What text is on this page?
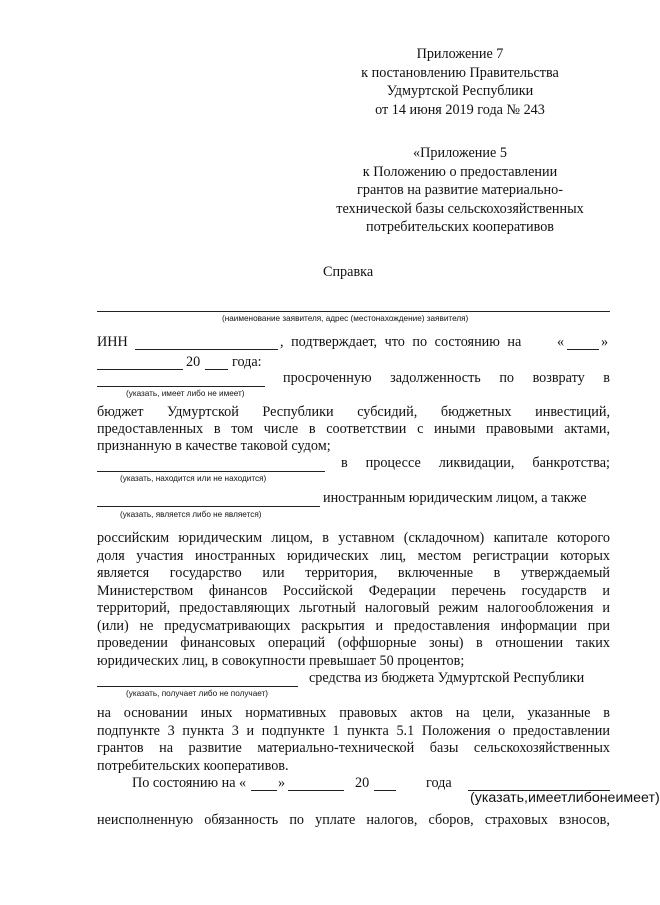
Приложение 7
к постановлению Правительства
Удмуртской Республики
от 14 июня 2019 года № 243
«Приложение 5
к Положению о предоставлении
грантов на развитие материально-
технической базы сельскохозяйственных
потребительских кооперативов
Справка
(наименование заявителя, адрес (местонахождение) заявителя)
ИНН	, подтверждает, что по состоянию на	«	»
20 года:
просроченную задолженность по возврату в
(указать, имеет либо не имеет)
бюджет Удмуртской Республики субсидий, бюджетных инвестиций,
предоставленных в том числе в соответствии с иными правовыми актами,
признанную в качестве таковой судом;
в процессе ликвидации, банкротства;
(указать, находится или не находится)
иностранным юридическим лицом, а также
(указать, является либо не является)
российским юридическим лицом, в уставном (складочном) капитале которого
доля участия иностранных юридических лиц, местом регистрации которых
является государство или территория, включенные в утверждаемый
Министерством финансов Российской Федерации перечень государств и
территорий, предоставляющих льготный налоговый режим налогообложения и
(или) не предусматривающих раскрытия и предоставления информации при
проведении финансовых операций (оффшорные зоны) в отношении таких
юридических лиц, в совокупности превышает 50 процентов;
средства из бюджета Удмуртской Республики
(указать, получает либо не получает)
на основании иных нормативных правовых актов на цели, указанные в
подпункте 3 пункта 3 и подпункте 1 пункта 5.1 Положения о предоставлении
грантов на развитие материально-технической базы сельскохозяйственных
потребительских кооперативов.
По состоянию на « »	20	года
(указать, имеет либо не имеет)
неисполненную обязанность по уплате налогов, сборов, страховых взносов,
